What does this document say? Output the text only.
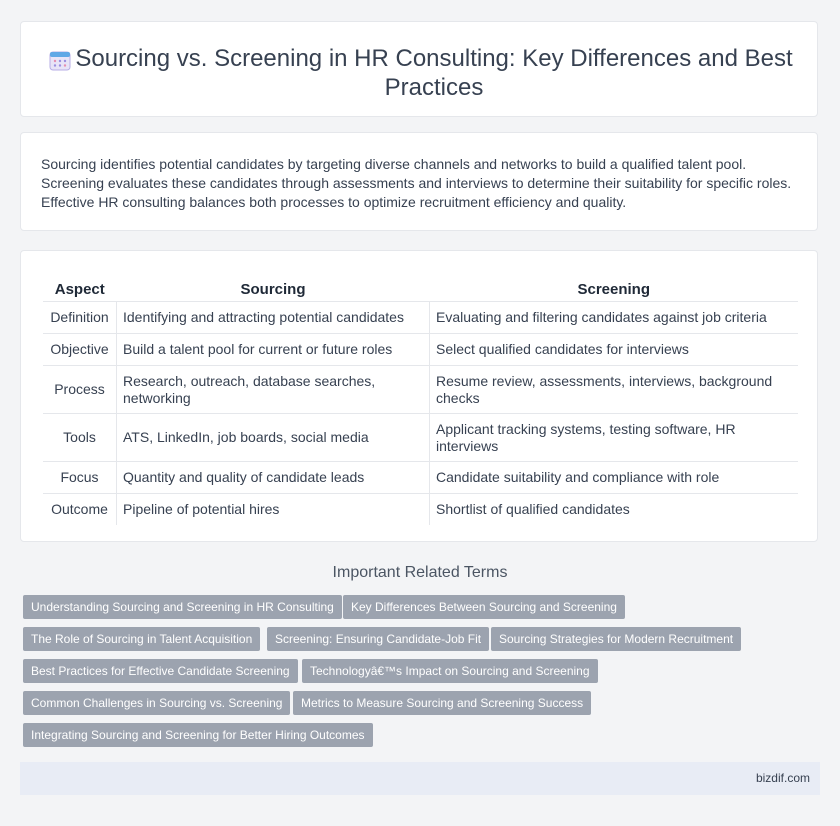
Sourcing vs. Screening in HR Consulting: Key Differences and Best Practices

Sourcing identifies potential candidates by targeting diverse channels and networks to build a qualified talent pool. Screening evaluates these candidates through assessments and interviews to determine their suitability for specific roles. Effective HR consulting balances both processes to optimize recruitment efficiency and quality.

Aspect	Sourcing	Screening
Definition	Identifying and attracting potential candidates	Evaluating and filtering candidates against job criteria
Objective	Build a talent pool for current or future roles	Select qualified candidates for interviews
Process	Research, outreach, database searches, networking	Resume review, assessments, interviews, background checks
Tools	ATS, LinkedIn, job boards, social media	Applicant tracking systems, testing software, HR interviews
Focus	Quantity and quality of candidate leads	Candidate suitability and compliance with role
Outcome	Pipeline of potential hires	Shortlist of qualified candidates
Important Related Terms
Understanding Sourcing and Screening in HR Consulting	Key Differences Between Sourcing and Screening
The Role of Sourcing in Talent Acquisition	Screening: Ensuring Candidate-Job Fit	Sourcing Strategies for Modern Recruitment
Best Practices for Effective Candidate Screening	Technologyâ€™s Impact on Sourcing and Screening
Common Challenges in Sourcing vs. Screening	Metrics to Measure Sourcing and Screening Success
Integrating Sourcing and Screening for Better Hiring Outcomes
bizdif.com
